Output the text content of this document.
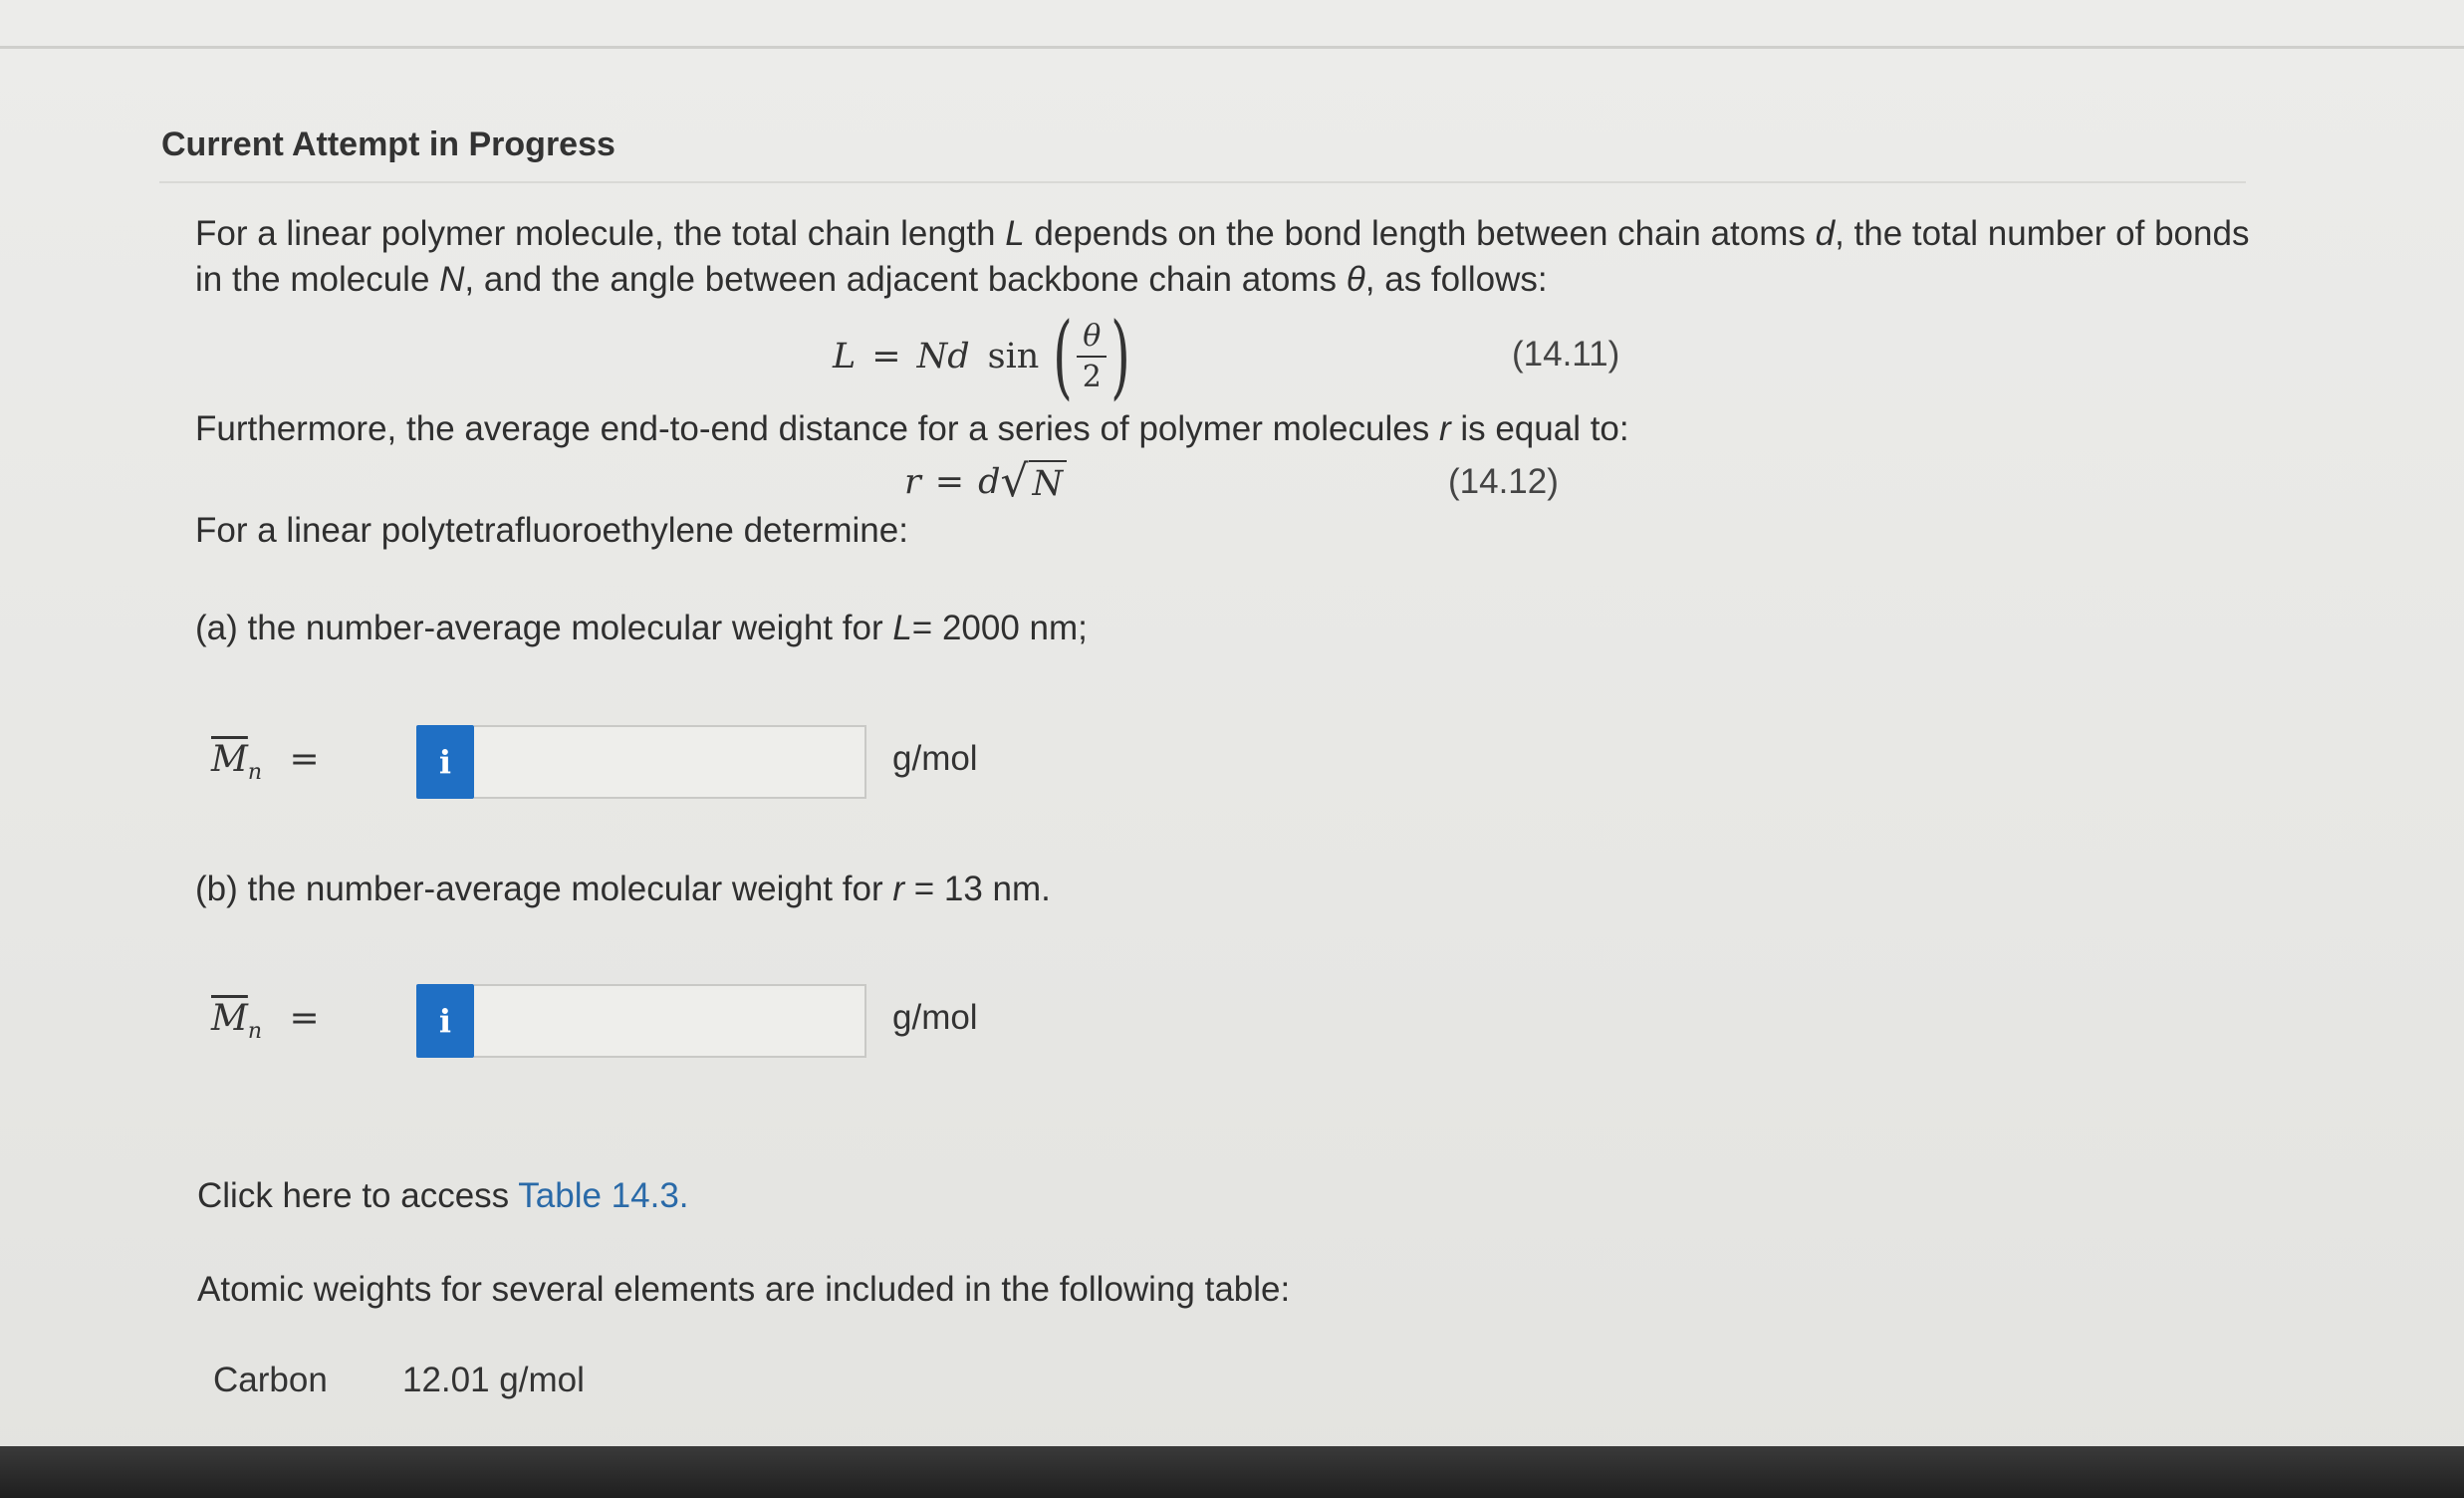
Current Attempt in Progress
For a linear polymer molecule, the total chain length L depends on the bond length between chain atoms d, the total number of bonds
in the molecule N, and the angle between adjacent backbone chain atoms θ, as follows:
L = Nd sin ( $\frac{\theta}{2}$ )	(14.11)
Furthermore, the average end-to-end distance for a series of polymer molecules r is equal to:
r = d √ N	(14.12)
For a linear polytetrafluoroethylene determine:
(a) the number-average molecular weight for L= 2000 nm;
$\overline{M}_n$ =	i	g/mol
(b) the number-average molecular weight for r = 13 nm.
$\overline{M}_n$ =	i	g/mol
Click here to access Table 14.3.
Atomic weights for several elements are included in the following table:
Carbon 12.01 g/mol
